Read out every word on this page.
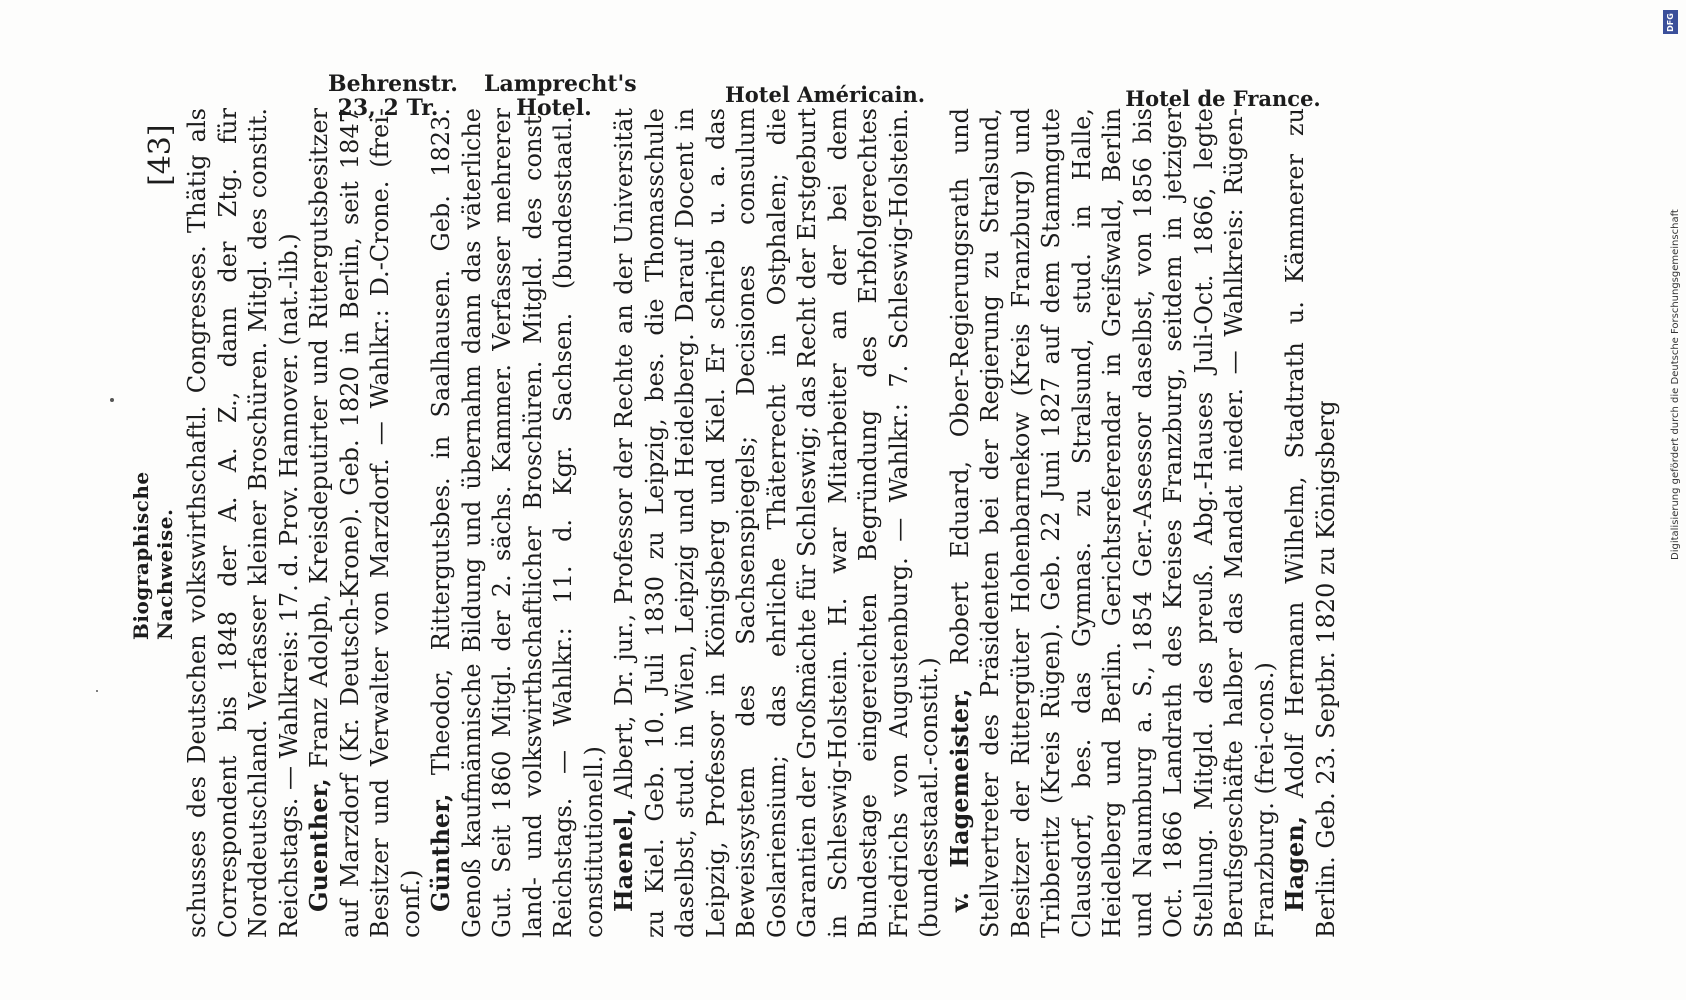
[43]
Biographische Nachweise.
Behrenstr.
23, 2 Tr.
Lamprecht's
Hotel.
Hotel Américain.	Hotel de France.

schusses des Deutschen volkswirthschaftl. Congresses. Thätig als Correspondent bis 1848 der A. A. Z., dann der Ztg. für Norddeutschland. Verfasser kleiner Broschüren. Mitgl. des constit. Reichstags. — Wahlkreis: 17. d. Prov. Hannover. (nat.-lib.) Guenther, Franz Adolph, Kreisdeputirter und Rittergutsbesitzer auf Marzdorf (Kr. Deutsch-Krone). Geb. 1820 in Berlin, seit 1847 Besitzer und Verwalter von Marzdorf. — Wahlkr.: D.-Crone. (frei-conf.) Günther, Theodor, Rittergutsbes. in Saalhausen. Geb. 1823. Genoß kaufmännische Bildung und übernahm dann das väterliche Gut. Seit 1860 Mitgl. der 2. sächs. Kammer. Verfasser mehrerer land- und volkswirthschaftlicher Broschüren. Mitgld. des const. Reichstags. — Wahlkr.: 11. d. Kgr. Sachsen. (bundesstaatl.-constitutionell.) Haenel, Albert, Dr. jur., Professor der Rechte an der Universität zu Kiel. Geb. 10. Juli 1830 zu Leipzig, bes. die Thomasschule daselbst, stud. in Wien, Leipzig und Heidelberg. Darauf Docent in Leipzig, Professor in Königsberg und Kiel. Er schrieb u. a. das Beweissystem des Sachsenspiegels; Decisiones consulum Goslariensium; das ehrliche Thäterrecht in Ostphalen; die Garantien der Großmächte für Schleswig; das Recht der Erstgeburt in Schleswig-Holstein. H. war Mitarbeiter an der bei dem Bundestage eingereichten Begründung des Erbfolgerechtes Friedrichs von Augustenburg. — Wahlkr.: 7. Schleswig-Holstein. (bundesstaatl.-constit.) v. Hagemeister, Robert Eduard, Ober-Regierungsrath und Stellvertreter des Präsidenten bei der Regierung zu Stralsund, Besitzer der Rittergüter Hohenbarnekow (Kreis Franzburg) und Tribberitz (Kreis Rügen). Geb. 22 Juni 1827 auf dem Stammgute Clausdorf, bes. das Gymnas. zu Stralsund, stud. in Halle, Heidelberg und Berlin. Gerichtsreferendar in Greifswald, Berlin und Naumburg a. S., 1854 Ger.-Assessor daselbst, von 1856 bis Oct. 1866 Landrath des Kreises Franzburg, seitdem in jetziger Stellung. Mitgld. des preuß. Abg.-Hauses Juli-Oct. 1866, legte Berufsgeschäfte halber das Mandat nieder. — Wahlkreis: Rügen-Franzburg. (frei-cons.) Hagen, Adolf Hermann Wilhelm, Stadtrath u. Kämmerer zu Berlin. Geb. 23. Septbr. 1820 zu Königsberg

DFG
Digitalisierung gefördert durch die Deutsche Forschungsgemeinschaft
